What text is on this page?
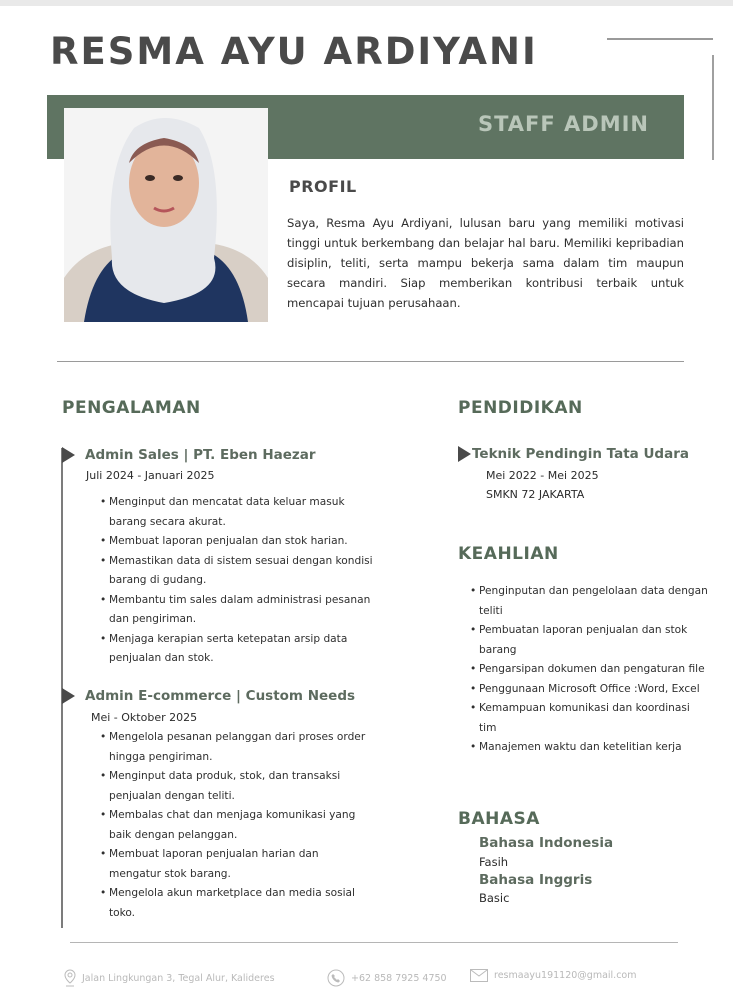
RESMA AYU ARDIYANI
STAFF ADMIN
PROFIL
Saya, Resma Ayu Ardiyani, lulusan baru yang memiliki motivasi tinggi untuk berkembang dan belajar hal baru. Memiliki kepribadian disiplin, teliti, serta mampu bekerja sama dalam tim maupun secara mandiri. Siap memberikan kontribusi terbaik untuk mencapai tujuan perusahaan.
PENGALAMAN
Admin Sales | PT. Eben Haezar
Juli 2024 - Januari 2025
• Menginput dan mencatat data keluar masuk barang secara akurat.
• Membuat laporan penjualan dan stok harian.
• Memastikan data di sistem sesuai dengan kondisi barang di gudang.
• Membantu tim sales dalam administrasi pesanan dan pengiriman.
• Menjaga kerapian serta ketepatan arsip data penjualan dan stok.
Admin E-commerce | Custom Needs
Mei - Oktober 2025
• Mengelola pesanan pelanggan dari proses order hingga pengiriman.
• Menginput data produk, stok, dan transaksi penjualan dengan teliti.
• Membalas chat dan menjaga komunikasi yang baik dengan pelanggan.
• Membuat laporan penjualan harian dan mengatur stok barang.
• Mengelola akun marketplace dan media sosial toko.
PENDIDIKAN
Teknik Pendingin Tata Udara
Mei 2022 - Mei 2025
SMKN 72 JAKARTA
KEAHLIAN
• Penginputan dan pengelolaan data dengan teliti
• Pembuatan laporan penjualan dan stok barang
• Pengarsipan dokumen dan pengaturan file
• Penggunaan Microsoft Office :Word, Excel
• Kemampuan komunikasi dan koordinasi tim
• Manajemen waktu dan ketelitian kerja
BAHASA
Bahasa Indonesia
Fasih
Bahasa Inggris
Basic
Jalan Lingkungan 3, Tegal Alur, Kalideres	+62 858 7925 4750	resmaayu191120@gmail.com
